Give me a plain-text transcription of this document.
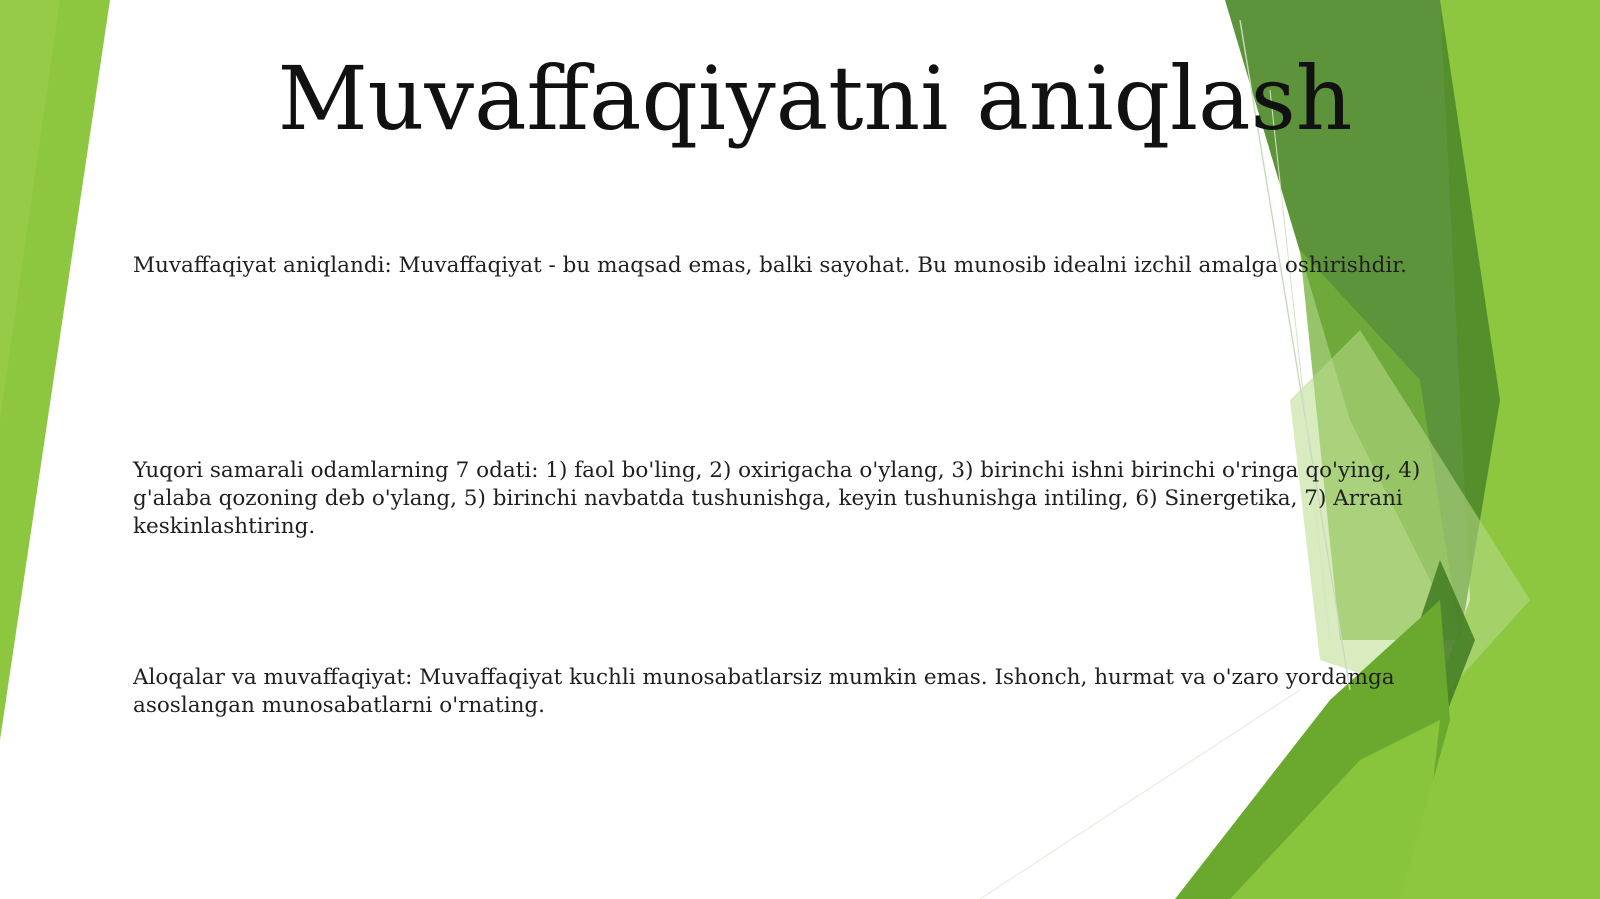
Muvaffaqiyatni aniqlash

Muvaffaqiyat aniqlandi: Muvaffaqiyat - bu maqsad emas, balki sayohat. Bu munosib idealni izchil amalga oshirishdir.

Yuqori samarali odamlarning 7 odati: 1) faol bo'ling, 2) oxirigacha o'ylang, 3) birinchi ishni birinchi o'ringa qo'ying, 4) g'alaba qozoning deb o'ylang, 5) birinchi navbatda tushunishga, keyin tushunishga intiling, 6) Sinergetika, 7) Arrani keskinlashtiring.

Aloqalar va muvaffaqiyat: Muvaffaqiyat kuchli munosabatlarsiz mumkin emas. Ishonch, hurmat va o'zaro yordamga asoslangan munosabatlarni o'rnating.
